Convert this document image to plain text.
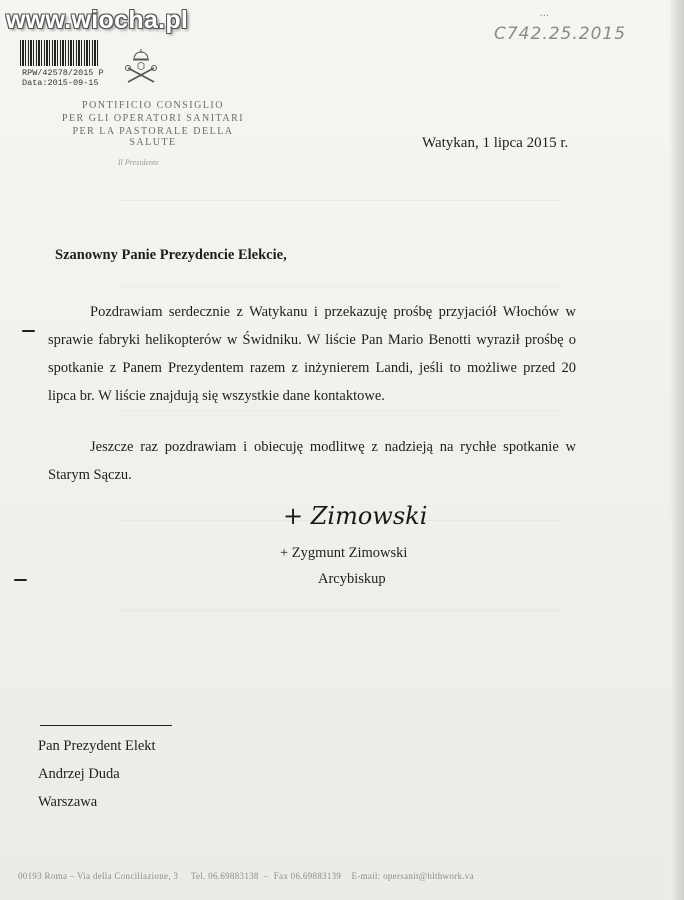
www.wiocha.pl
RPW/42578/2015 P
Data:2015-09-15
...
C742.25.2015
PONTIFICIO CONSIGLIO
PER GLI OPERATORI SANITARI
PER LA PASTORALE DELLA SALUTE
Il Presidente
Watykan, 1 lipca 2015 r.
Szanowny Panie Prezydencie Elekcie,

Pozdrawiam serdecznie z Watykanu i przekazuję prośbę przyjaciół Włochów w sprawie fabryki helikopterów w Świdniku. W liście Pan Mario Benotti wyraził prośbę o spotkanie z Panem Prezydentem razem z inżynierem Landi, jeśli to możliwe przed 20 lipca br. W liście znajdują się wszystkie dane kontaktowe.

Jeszcze raz pozdrawiam i obiecuję modlitwę z nadzieją na rychłe spotkanie w Starym Sączu.

+ Zimowski
+ Zygmunt Zimowski
Arcybiskup
Pan Prezydent Elekt
Andrzej Duda
Warszawa
00193 Roma – Via della Conciliazione, 3 Tel. 06.69883138  –  Fax 06.69883139 E-mail: opersanit@hlthwork.va
